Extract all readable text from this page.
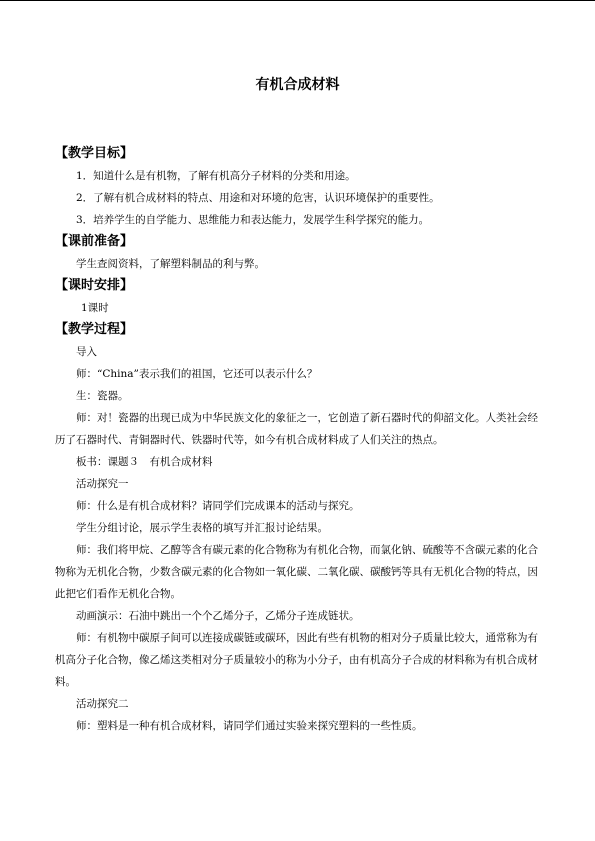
有机合成材料
【教学目标】
1．知道什么是有机物，了解有机高分子材料的分类和用途。
2．了解有机合成材料的特点、用途和对环境的危害，认识环境保护的重要性。
3．培养学生的自学能力、思维能力和表达能力，发展学生科学探究的能力。
【课前准备】
学生查阅资料，了解塑料制品的利与弊。
【课时安排】
1课时
【教学过程】
导入
师：“China”表示我们的祖国，它还可以表示什么？
生：瓷器。

师：对！瓷器的出现已成为中华民族文化的象征之一，它创造了新石器时代的仰韶文化。人类社会经历了石器时代、青铜器时代、铁器时代等，如今有机合成材料成了人们关注的热点。

板书：课题３　有机合成材料
活动探究一
师：什么是有机合成材料？请同学们完成课本的活动与探究。
学生分组讨论，展示学生表格的填写并汇报讨论结果。

师：我们将甲烷、乙醇等含有碳元素的化合物称为有机化合物，而氯化钠、硫酸等不含碳元素的化合物称为无机化合物，少数含碳元素的化合物如一氧化碳、二氧化碳、碳酸钙等具有无机化合物的特点，因此把它们看作无机化合物。

动画演示：石油中跳出一个个乙烯分子，乙烯分子连成链状。

师：有机物中碳原子间可以连接成碳链或碳环，因此有些有机物的相对分子质量比较大，通常称为有机高分子化合物，像乙烯这类相对分子质量较小的称为小分子，由有机高分子合成的材料称为有机合成材料。

活动探究二
师：塑料是一种有机合成材料，请同学们通过实验来探究塑料的一些性质。
